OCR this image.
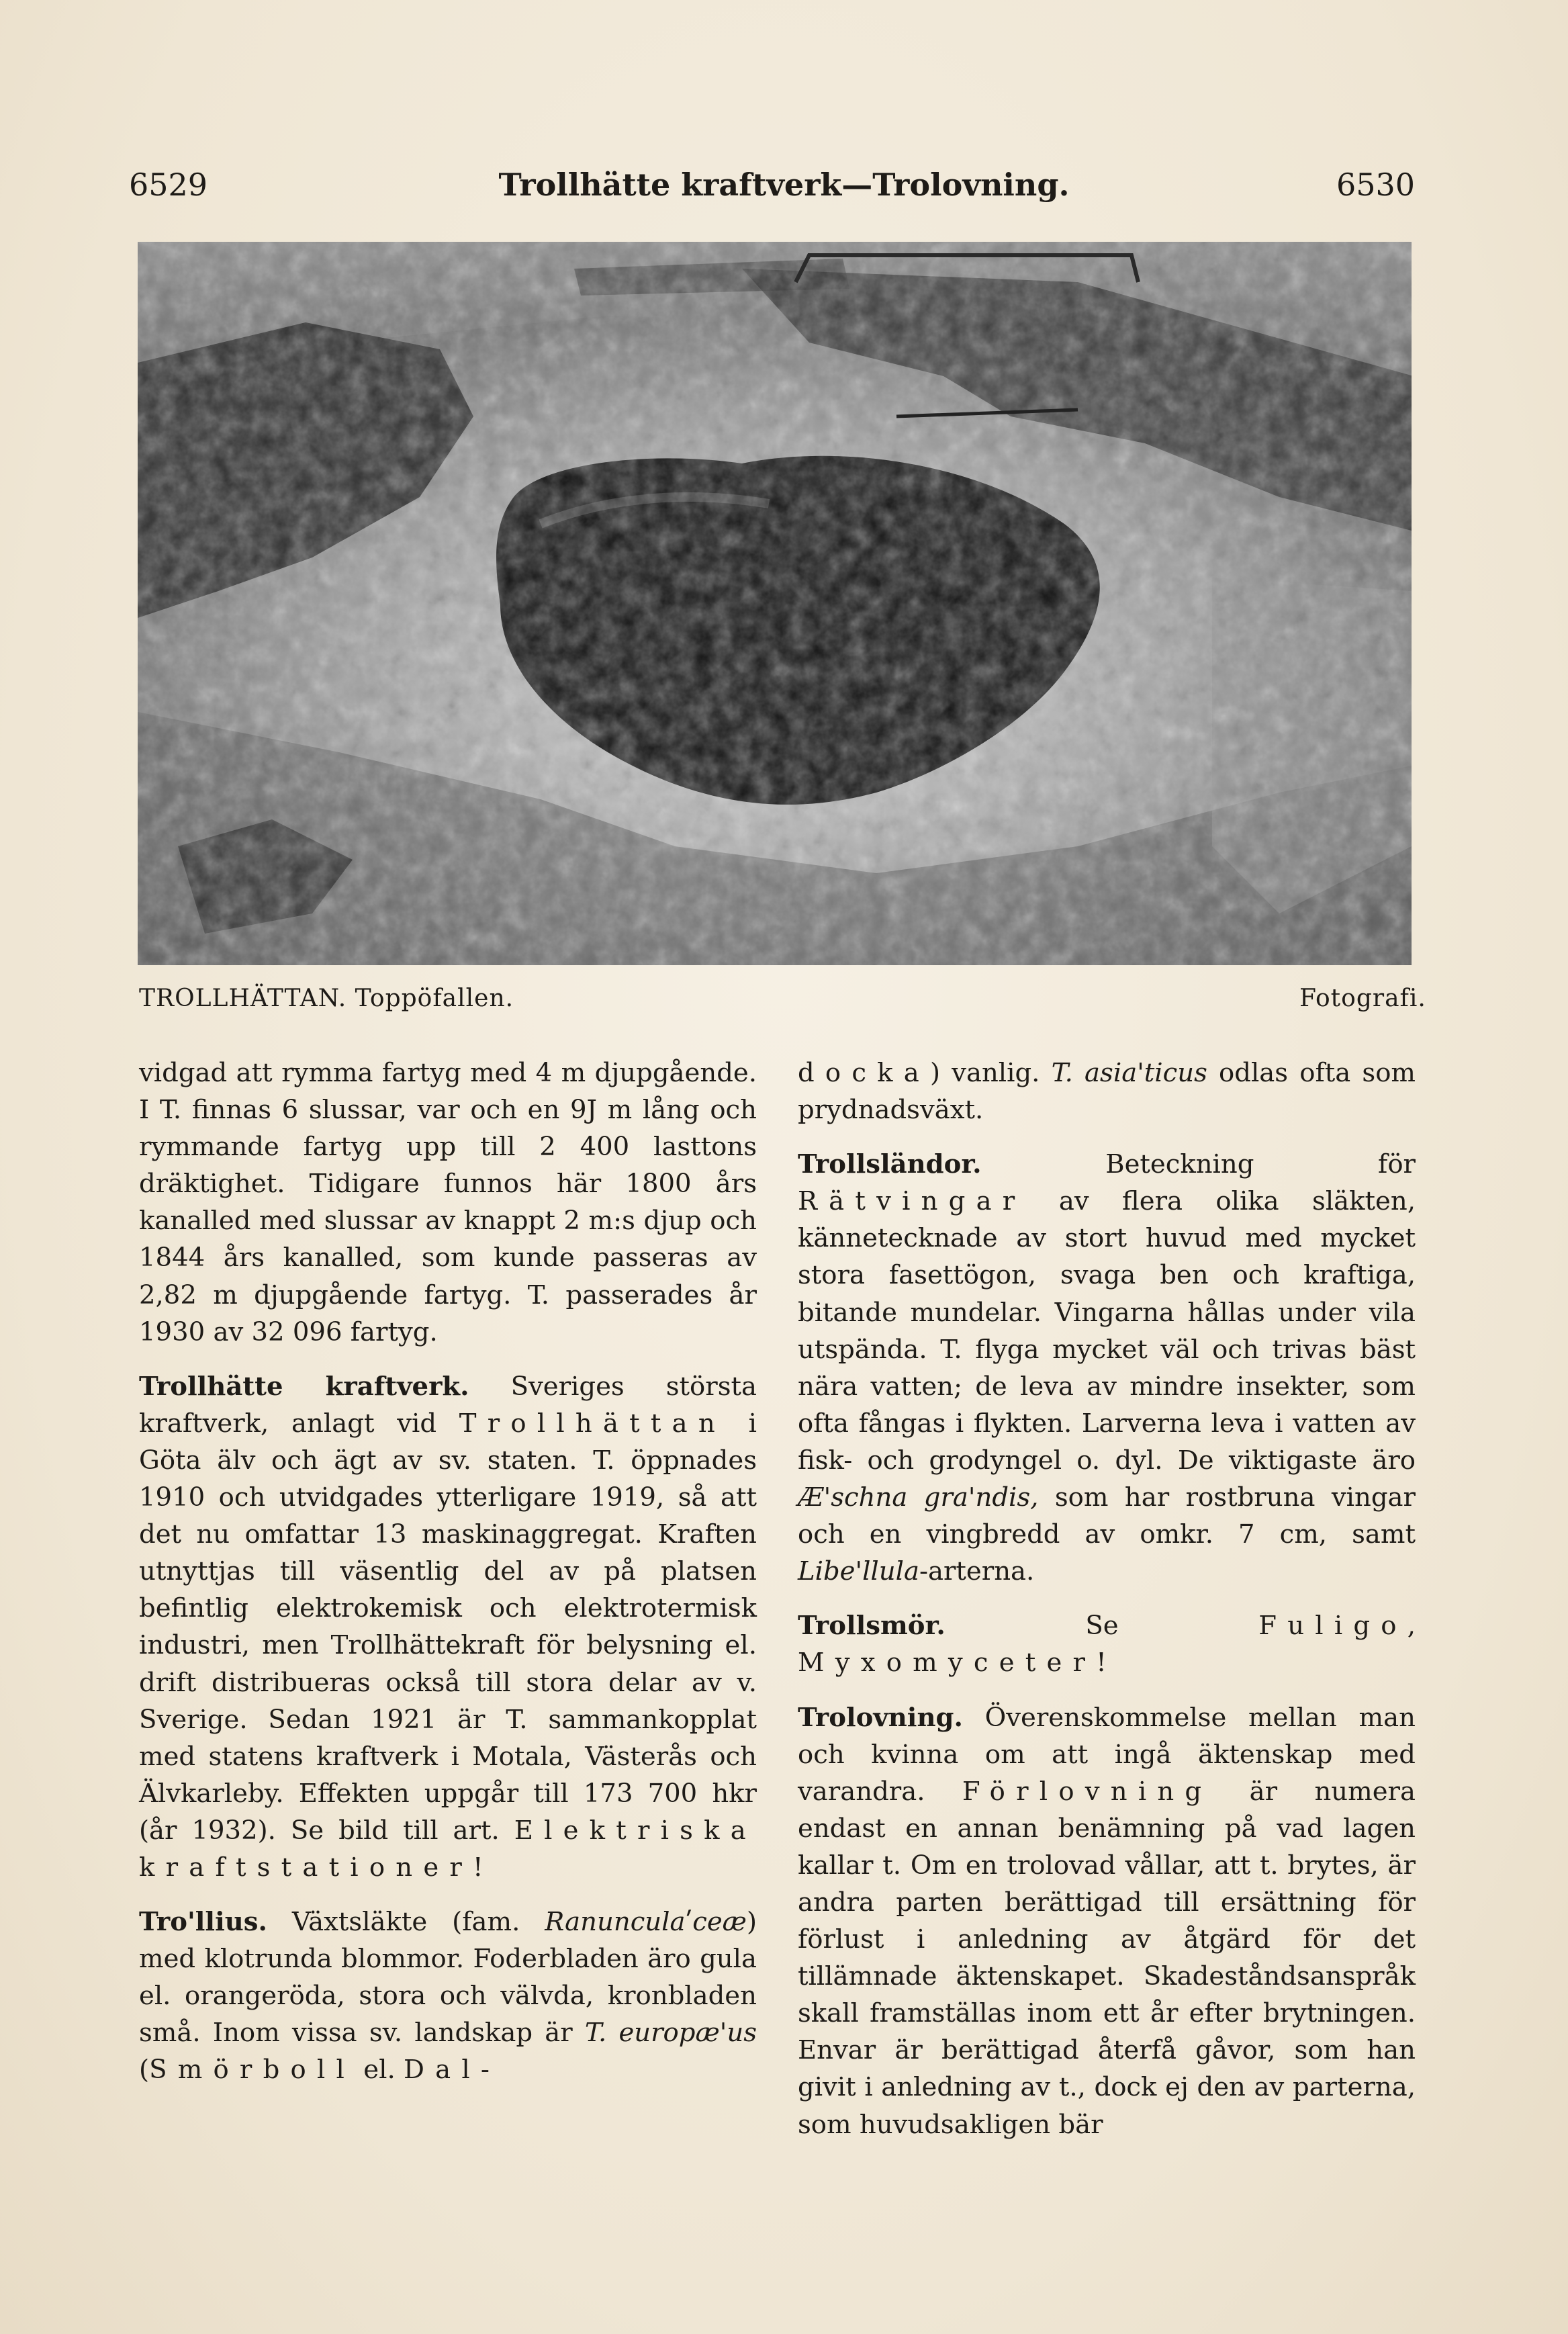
6529	Trollhätte kraftverk—Trolovning.	6530
TROLLHÄTTAN. Toppöfallen.	Fotografi.

vidgad att rymma fartyg med 4 m djupgående. I T. finnas 6 slussar, var och en 9J m lång och rymmande fartyg upp till 2 400 lasttons dräktighet. Tidigare funnos här 1800 års kanalled med slussar av knappt 2 m:s djup och 1844 års kanalled, som kunde passeras av 2,82 m djupgående fartyg. T. passerades år 1930 av 32 096 fartyg.

Trollhätte kraftverk. Sveriges största kraftverk, anlagt vid Trollhättan i Göta älv och ägt av sv. staten. T. öppnades 1910 och utvidgades ytterligare 1919, så att det nu omfattar 13 maskinaggregat. Kraften utnyttjas till väsentlig del av på platsen befintlig elektrokemisk och elektrotermisk industri, men Trollhättekraft för belysning el. drift distribueras också till stora delar av v. Sverige. Sedan 1921 är T. sammankopplat med statens kraftverk i Motala, Västerås och Älvkarleby. Effekten uppgår till 173 700 hkr (år 1932). Se bild till art. Elektriska kraftstationer!

Tro'llius. Växtsläkte (fam. Ranunculaʹceæ) med klotrunda blommor. Foderbladen äro gula el. orangeröda, stora och välvda, kronbladen små. Inom vissa sv. landskap är T. europæ'us (Smörboll el. Dal-

docka) vanlig. T. asia'ticus odlas ofta som prydnadsväxt.

Trollsländor. Beteckning för Rätvingar av flera olika släkten, kännetecknade av stort huvud med mycket stora fasettögon, svaga ben och kraftiga, bitande mundelar. Vingarna hållas under vila utspända. T. flyga mycket väl och trivas bäst nära vatten; de leva av mindre insekter, som ofta fångas i flykten. Larverna leva i vatten av fisk- och grodyngel o. dyl. De viktigaste äro Æ'schna gra'ndis, som har rostbruna vingar och en vingbredd av omkr. 7 cm, samt Libe'llula-arterna.

Trollsmör. Se Fuligo, Myxomyceter!

Trolovning. Överenskommelse mellan man och kvinna om att ingå äktenskap med varandra. Förlovning är numera endast en annan benämning på vad lagen kallar t. Om en trolovad vållar, att t. brytes, är andra parten berättigad till ersättning för förlust i anledning av åtgärd för det tillämnade äktenskapet. Skadeståndsanspråk skall framställas inom ett år efter brytningen. Envar är berättigad återfå gåvor, som han givit i anledning av t., dock ej den av parterna, som huvudsakligen bär
